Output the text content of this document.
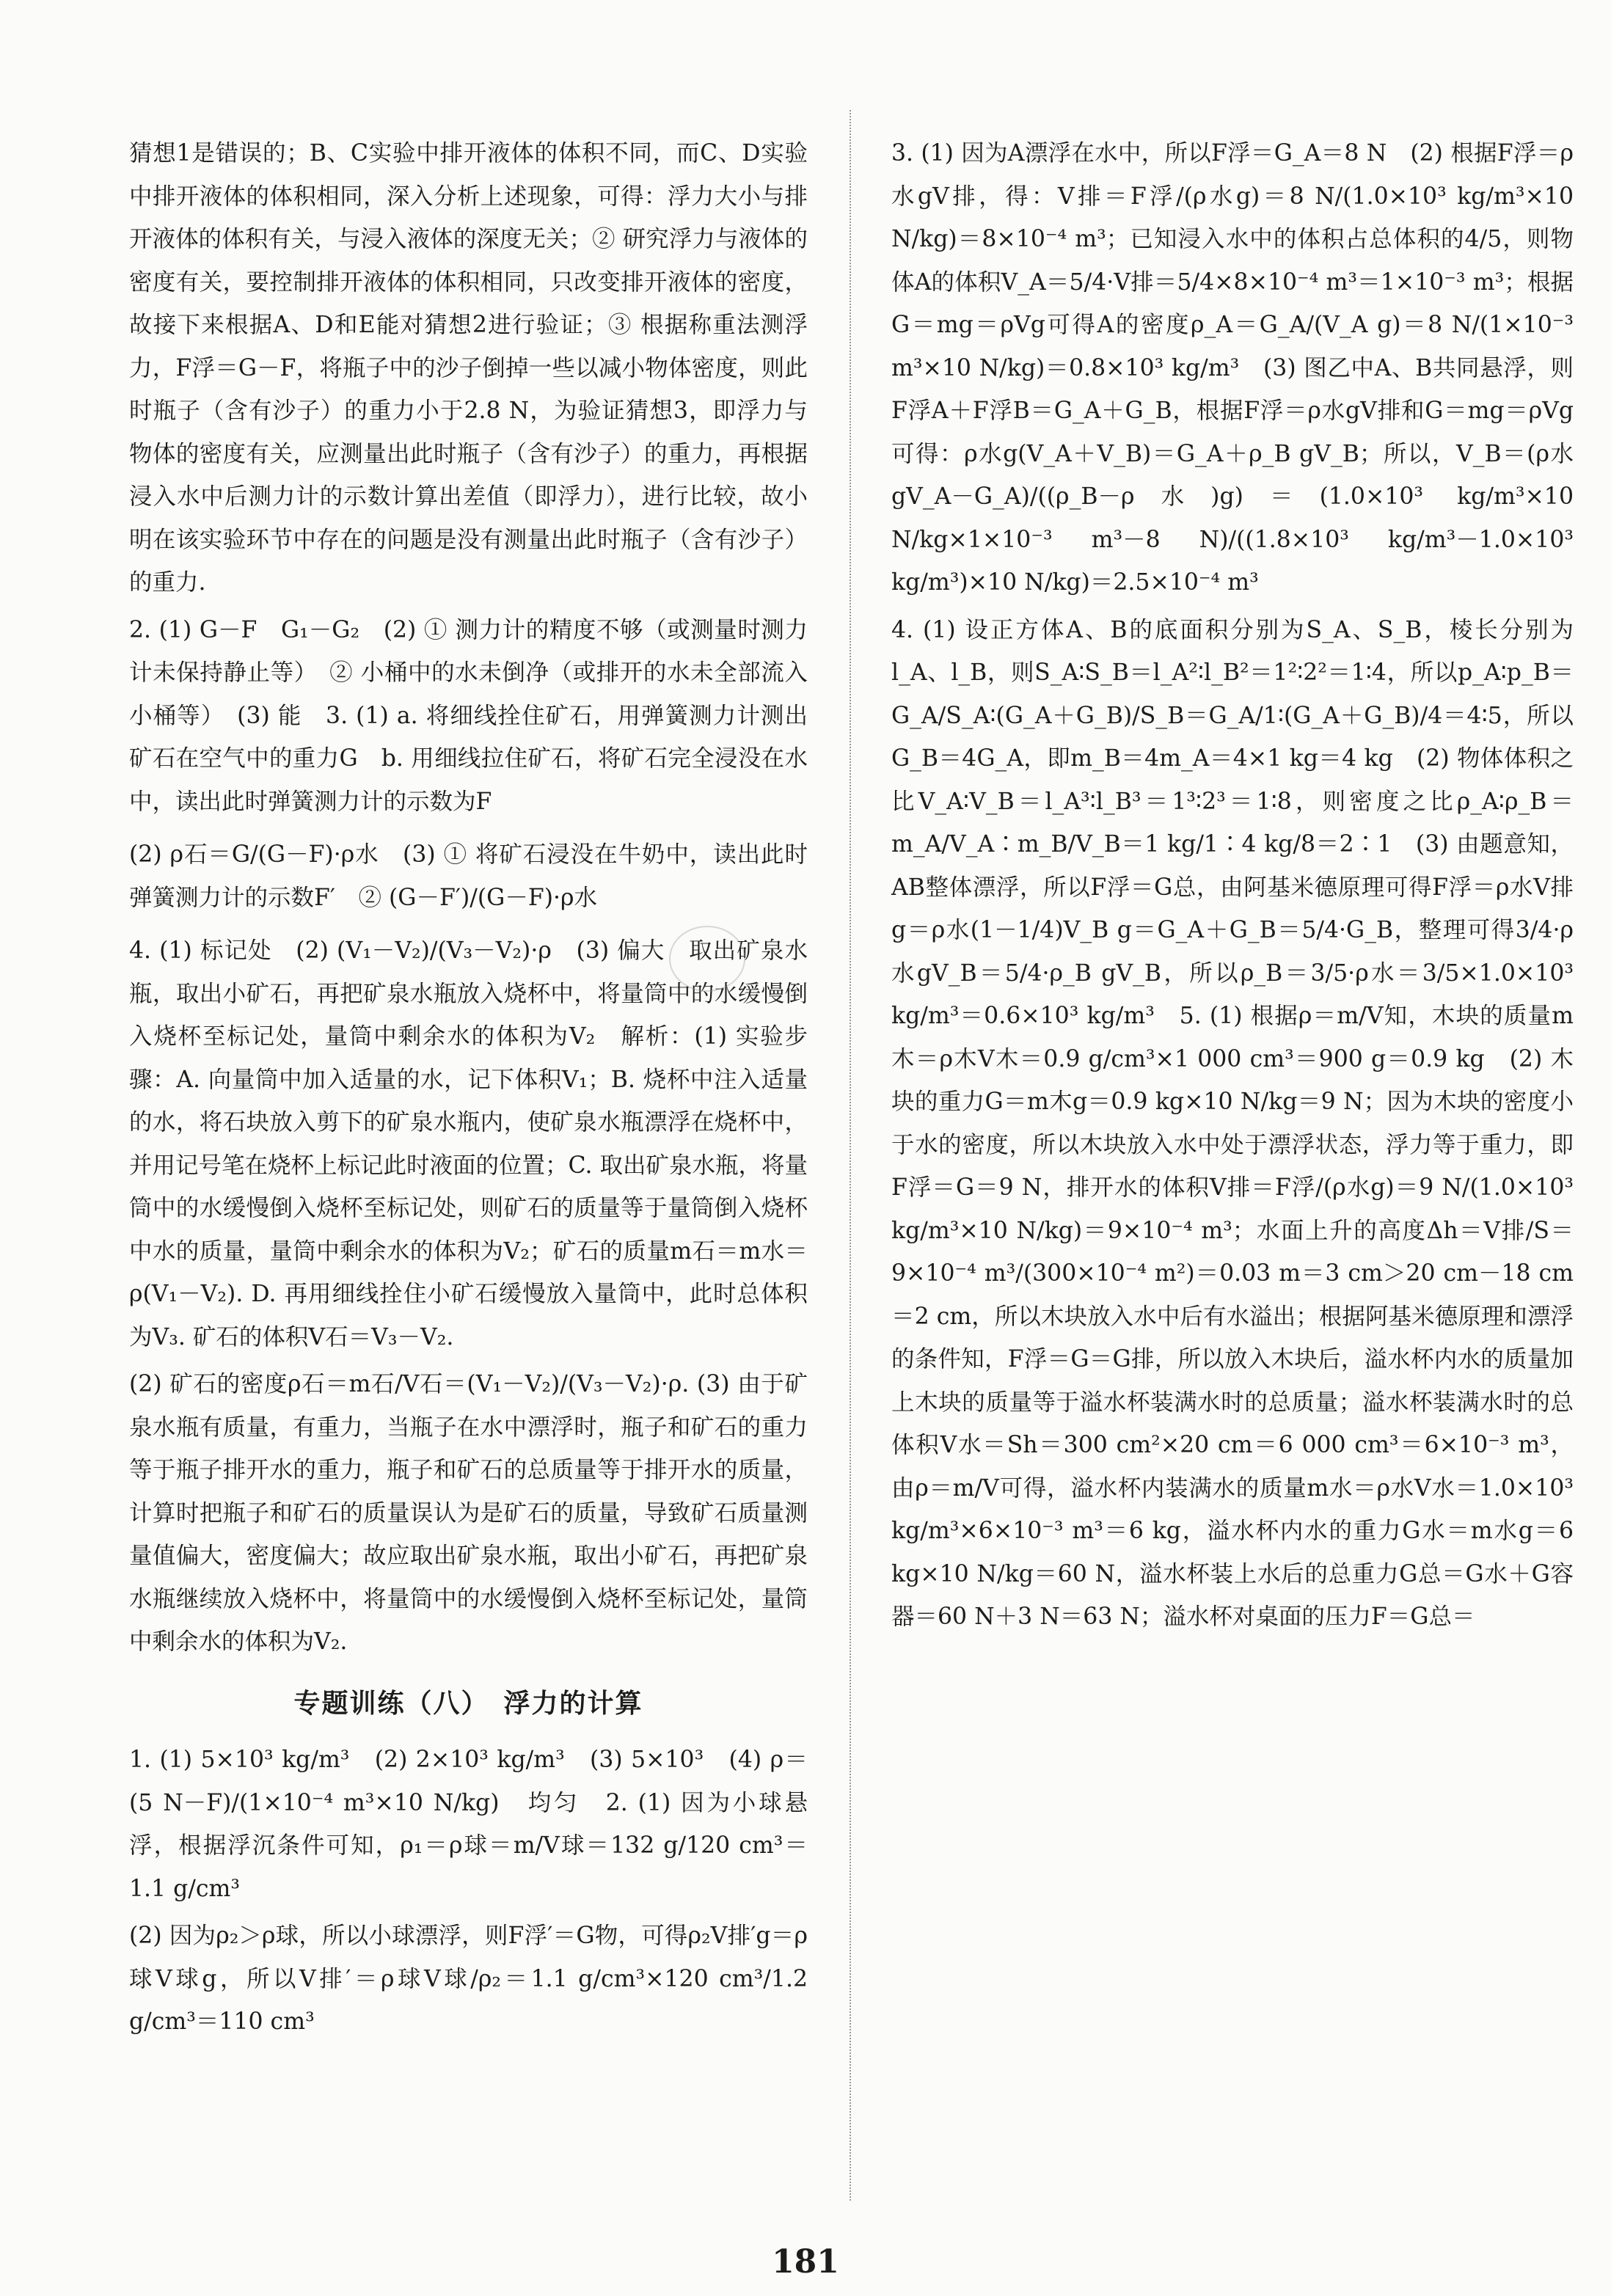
猜想1是错误的；B、C实验中排开液体的体积不同，而C、D实验中排开液体的体积相同，深入分析上述现象，可得：浮力大小与排开液体的体积有关，与浸入液体的深度无关；② 研究浮力与液体的密度有关，要控制排开液体的体积相同，只改变排开液体的密度，故接下来根据A、D和E能对猜想2进行验证；③ 根据称重法测浮力，F浮＝G－F，将瓶子中的沙子倒掉一些以减小物体密度，则此时瓶子（含有沙子）的重力小于2.8 N，为验证猜想3，即浮力与物体的密度有关，应测量出此时瓶子（含有沙子）的重力，再根据浸入水中后测力计的示数计算出差值（即浮力），进行比较，故小明在该实验环节中存在的问题是没有测量出此时瓶子（含有沙子）的重力.

2. (1) G－F　G₁－G₂　(2) ① 测力计的精度不够（或测量时测力计未保持静止等）　② 小桶中的水未倒净（或排开的水未全部流入小桶等）　(3) 能　3. (1) a. 将细线拴住矿石，用弹簧测力计测出矿石在空气中的重力G　b. 用细线拉住矿石，将矿石完全浸没在水中，读出此时弹簧测力计的示数为F

(2) ρ石＝G/(G－F)·ρ水　(3) ① 将矿石浸没在牛奶中，读出此时弹簧测力计的示数F′　② (G－F′)/(G－F)·ρ水

4. (1) 标记处　(2) (V₁－V₂)/(V₃－V₂)·ρ　(3) 偏大　取出矿泉水瓶，取出小矿石，再把矿泉水瓶放入烧杯中，将量筒中的水缓慢倒入烧杯至标记处，量筒中剩余水的体积为V₂　解析：(1) 实验步骤：A. 向量筒中加入适量的水，记下体积V₁；B. 烧杯中注入适量的水，将石块放入剪下的矿泉水瓶内，使矿泉水瓶漂浮在烧杯中，并用记号笔在烧杯上标记此时液面的位置；C. 取出矿泉水瓶，将量筒中的水缓慢倒入烧杯至标记处，则矿石的质量等于量筒倒入烧杯中水的质量，量筒中剩余水的体积为V₂；矿石的质量m石＝m水＝ρ(V₁－V₂). D. 再用细线拴住小矿石缓慢放入量筒中，此时总体积为V₃. 矿石的体积V石＝V₃－V₂.

(2) 矿石的密度ρ石＝m石/V石＝(V₁－V₂)/(V₃－V₂)·ρ. (3) 由于矿泉水瓶有质量，有重力，当瓶子在水中漂浮时，瓶子和矿石的重力等于瓶子排开水的重力，瓶子和矿石的总质量等于排开水的质量，计算时把瓶子和矿石的质量误认为是矿石的质量，导致矿石质量测量值偏大，密度偏大；故应取出矿泉水瓶，取出小矿石，再把矿泉水瓶继续放入烧杯中，将量筒中的水缓慢倒入烧杯至标记处，量筒中剩余水的体积为V₂.

专题训练（八）　浮力的计算

1. (1) 5×10³ kg/m³　(2) 2×10³ kg/m³　(3) 5×10³　(4) ρ＝(5 N－F)/(1×10⁻⁴ m³×10 N/kg)　均匀　2. (1) 因为小球悬浮，根据浮沉条件可知，ρ₁＝ρ球＝m/V球＝132 g/120 cm³＝1.1 g/cm³

(2) 因为ρ₂＞ρ球，所以小球漂浮，则F浮′＝G物，可得ρ₂V排′g＝ρ球V球g，所以V排′＝ρ球V球/ρ₂＝1.1 g/cm³×120 cm³/1.2 g/cm³＝110 cm³

3. (1) 因为A漂浮在水中，所以F浮＝G_A＝8 N　(2) 根据F浮＝ρ水gV排，得：V排＝F浮/(ρ水g)＝8 N/(1.0×10³ kg/m³×10 N/kg)＝8×10⁻⁴ m³；已知浸入水中的体积占总体积的4/5，则物体A的体积V_A＝5/4·V排＝5/4×8×10⁻⁴ m³＝1×10⁻³ m³；根据G＝mg＝ρVg可得A的密度ρ_A＝G_A/(V_A g)＝8 N/(1×10⁻³ m³×10 N/kg)＝0.8×10³ kg/m³　(3) 图乙中A、B共同悬浮，则F浮A＋F浮B＝G_A＋G_B，根据F浮＝ρ水gV排和G＝mg＝ρVg可得：ρ水g(V_A＋V_B)＝G_A＋ρ_B gV_B；所以，V_B＝(ρ水gV_A－G_A)/((ρ_B－ρ水)g)＝(1.0×10³ kg/m³×10 N/kg×1×10⁻³ m³－8 N)/((1.8×10³ kg/m³－1.0×10³ kg/m³)×10 N/kg)＝2.5×10⁻⁴ m³

4. (1) 设正方体A、B的底面积分别为S_A、S_B，棱长分别为l_A、l_B，则S_A∶S_B＝l_A²∶l_B²＝1²∶2²＝1∶4，所以p_A∶p_B＝G_A/S_A∶(G_A＋G_B)/S_B＝G_A/1∶(G_A＋G_B)/4＝4∶5，所以G_B＝4G_A，即m_B＝4m_A＝4×1 kg＝4 kg　(2) 物体体积之比V_A∶V_B＝l_A³∶l_B³＝1³∶2³＝1∶8，则密度之比ρ_A∶ρ_B＝m_A/V_A∶m_B/V_B＝1 kg/1∶4 kg/8＝2∶1　(3) 由题意知，AB整体漂浮，所以F浮＝G总，由阿基米德原理可得F浮＝ρ水V排g＝ρ水(1－1/4)V_B g＝G_A＋G_B＝5/4·G_B，整理可得3/4·ρ水gV_B＝5/4·ρ_B gV_B，所以ρ_B＝3/5·ρ水＝3/5×1.0×10³ kg/m³＝0.6×10³ kg/m³　5. (1) 根据ρ＝m/V知，木块的质量m木＝ρ木V木＝0.9 g/cm³×1 000 cm³＝900 g＝0.9 kg　(2) 木块的重力G＝m木g＝0.9 kg×10 N/kg＝9 N；因为木块的密度小于水的密度，所以木块放入水中处于漂浮状态，浮力等于重力，即F浮＝G＝9 N，排开水的体积V排＝F浮/(ρ水g)＝9 N/(1.0×10³ kg/m³×10 N/kg)＝9×10⁻⁴ m³；水面上升的高度Δh＝V排/S＝9×10⁻⁴ m³/(300×10⁻⁴ m²)＝0.03 m＝3 cm＞20 cm－18 cm＝2 cm，所以木块放入水中后有水溢出；根据阿基米德原理和漂浮的条件知，F浮＝G＝G排，所以放入木块后，溢水杯内水的质量加上木块的质量等于溢水杯装满水时的总质量；溢水杯装满水时的总体积V水＝Sh＝300 cm²×20 cm＝6 000 cm³＝6×10⁻³ m³，由ρ＝m/V可得，溢水杯内装满水的质量m水＝ρ水V水＝1.0×10³ kg/m³×6×10⁻³ m³＝6 kg，溢水杯内水的重力G水＝m水g＝6 kg×10 N/kg＝60 N，溢水杯装上水后的总重力G总＝G水＋G容器＝60 N＋3 N＝63 N；溢水杯对桌面的压力F＝G总＝

181
